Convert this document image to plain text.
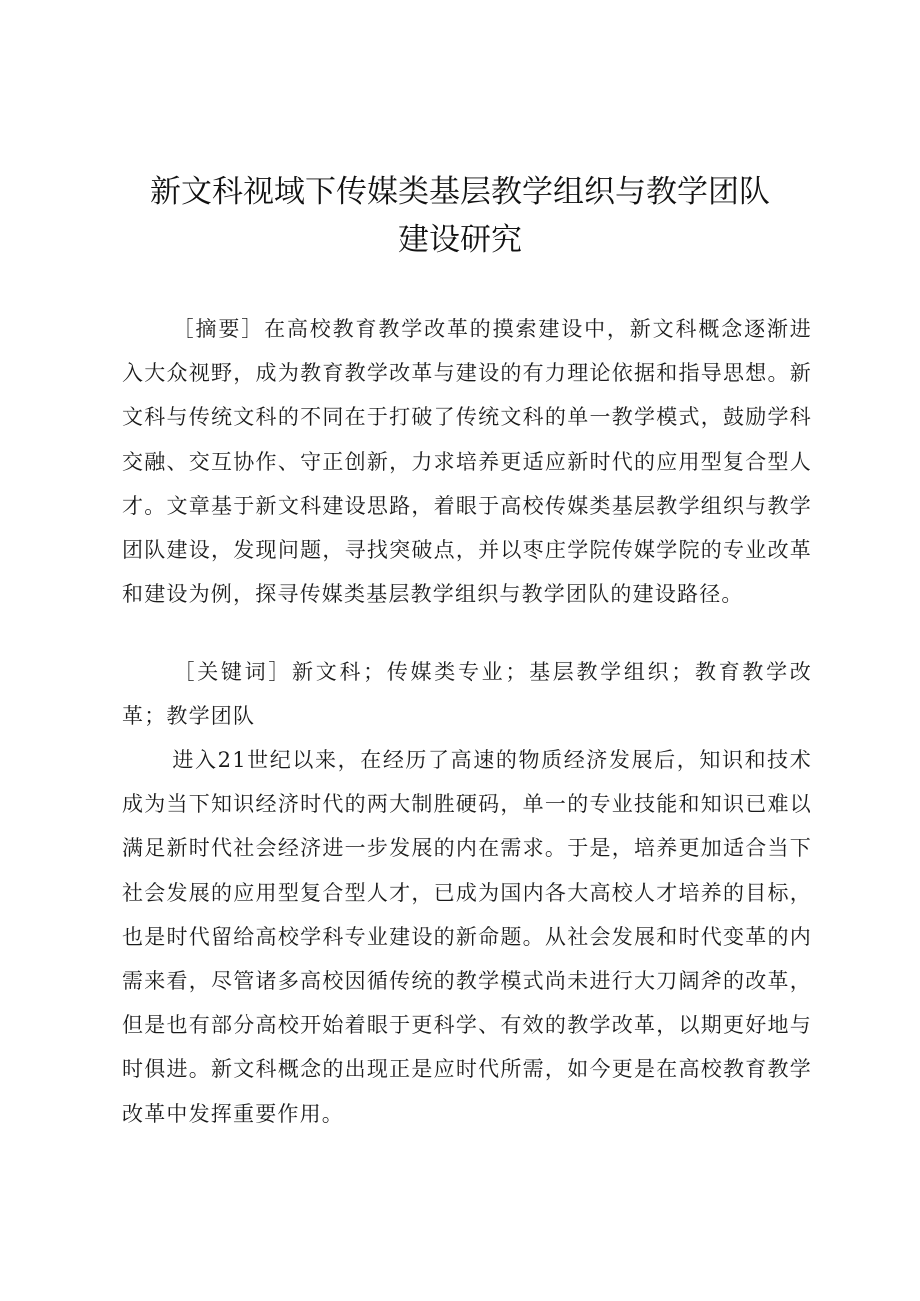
新文科视域下传媒类基层教学组织与教学团队
建设研究

［摘要］在高校教育教学改革的摸索建设中，新文科概念逐渐进入大众视野，成为教育教学改革与建设的有力理论依据和指导思想。新文科与传统文科的不同在于打破了传统文科的单一教学模式，鼓励学科交融、交互协作、守正创新，力求培养更适应新时代的应用型复合型人才。文章基于新文科建设思路，着眼于高校传媒类基层教学组织与教学团队建设，发现问题，寻找突破点，并以枣庄学院传媒学院的专业改革和建设为例，探寻传媒类基层教学组织与教学团队的建设路径。

［关键词］新文科；传媒类专业；基层教学组织；教育教学改革；教学团队

进入21世纪以来，在经历了高速的物质经济发展后，知识和技术成为当下知识经济时代的两大制胜硬码，单一的专业技能和知识已难以满足新时代社会经济进一步发展的内在需求。于是，培养更加适合当下社会发展的应用型复合型人才，已成为国内各大高校人才培养的目标，也是时代留给高校学科专业建设的新命题。从社会发展和时代变革的内需来看，尽管诸多高校因循传统的教学模式尚未进行大刀阔斧的改革，但是也有部分高校开始着眼于更科学、有效的教学改革，以期更好地与时俱进。新文科概念的出现正是应时代所需，如今更是在高校教育教学改革中发挥重要作用。
